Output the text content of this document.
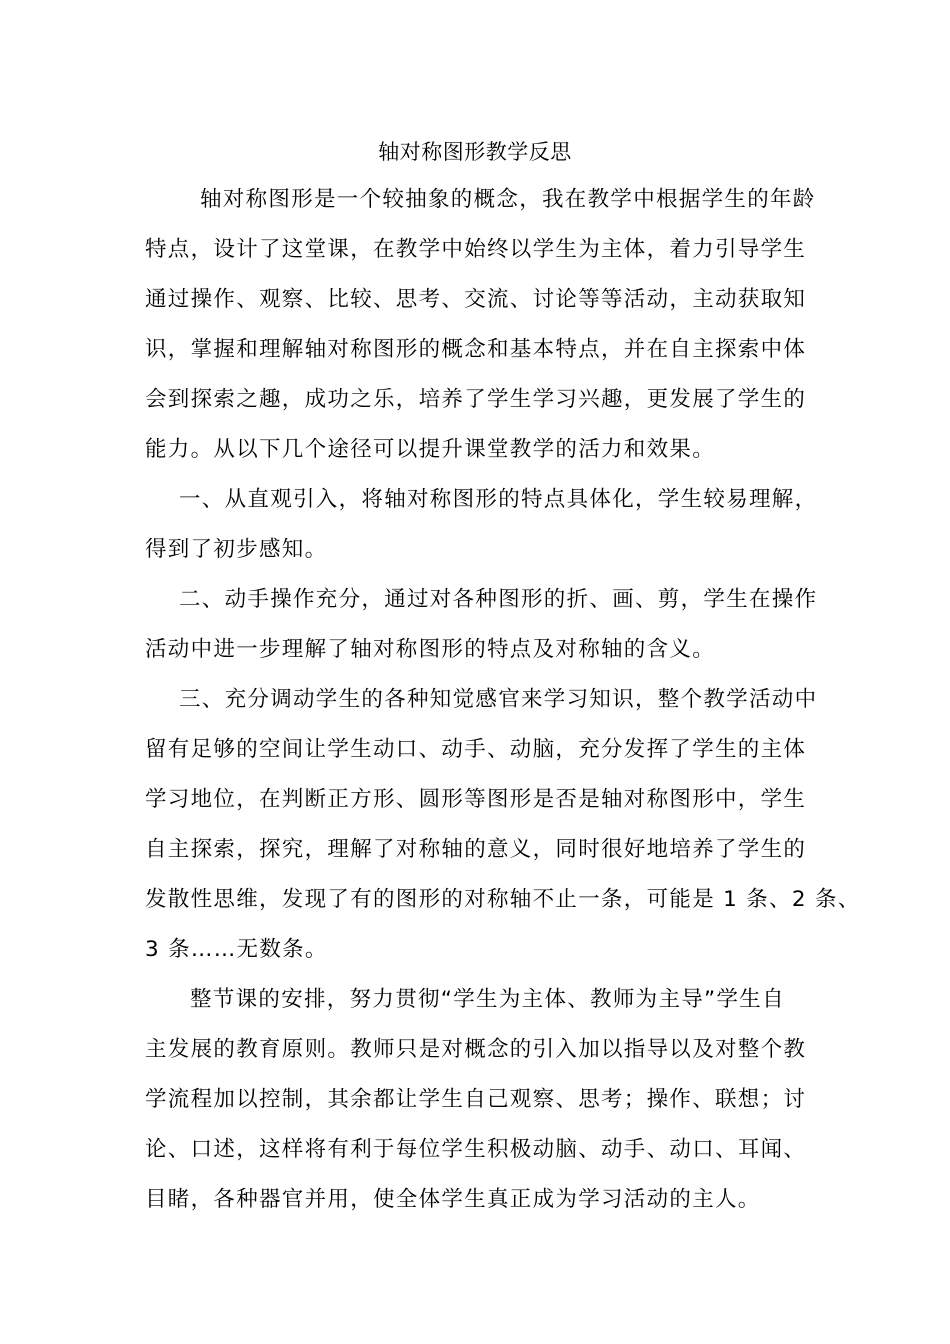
轴对称图形教学反思

轴对称图形是一个较抽象的概念，我在教学中根据学生的年龄

特点，设计了这堂课，在教学中始终以学生为主体，着力引导学生

通过操作、观察、比较、思考、交流、讨论等等活动，主动获取知

识，掌握和理解轴对称图形的概念和基本特点，并在自主探索中体

会到探索之趣，成功之乐，培养了学生学习兴趣，更发展了学生的

能力。从以下几个途径可以提升课堂教学的活力和效果。

一、从直观引入，将轴对称图形的特点具体化，学生较易理解，

得到了初步感知。

二、动手操作充分，通过对各种图形的折、画、剪，学生在操作

活动中进一步理解了轴对称图形的特点及对称轴的含义。

三、充分调动学生的各种知觉感官来学习知识，整个教学活动中

留有足够的空间让学生动口、动手、动脑，充分发挥了学生的主体

学习地位，在判断正方形、圆形等图形是否是轴对称图形中，学生

自主探索，探究，理解了对称轴的意义，同时很好地培养了学生的

发散性思维，发现了有的图形的对称轴不止一条，可能是 1 条、2 条、

3 条……无数条。

整节课的安排，努力贯彻“学生为主体、教师为主导”学生自

主发展的教育原则。教师只是对概念的引入加以指导以及对整个教

学流程加以控制，其余都让学生自己观察、思考；操作、联想；讨

论、口述，这样将有利于每位学生积极动脑、动手、动口、耳闻、

目睹，各种器官并用，使全体学生真正成为学习活动的主人。
